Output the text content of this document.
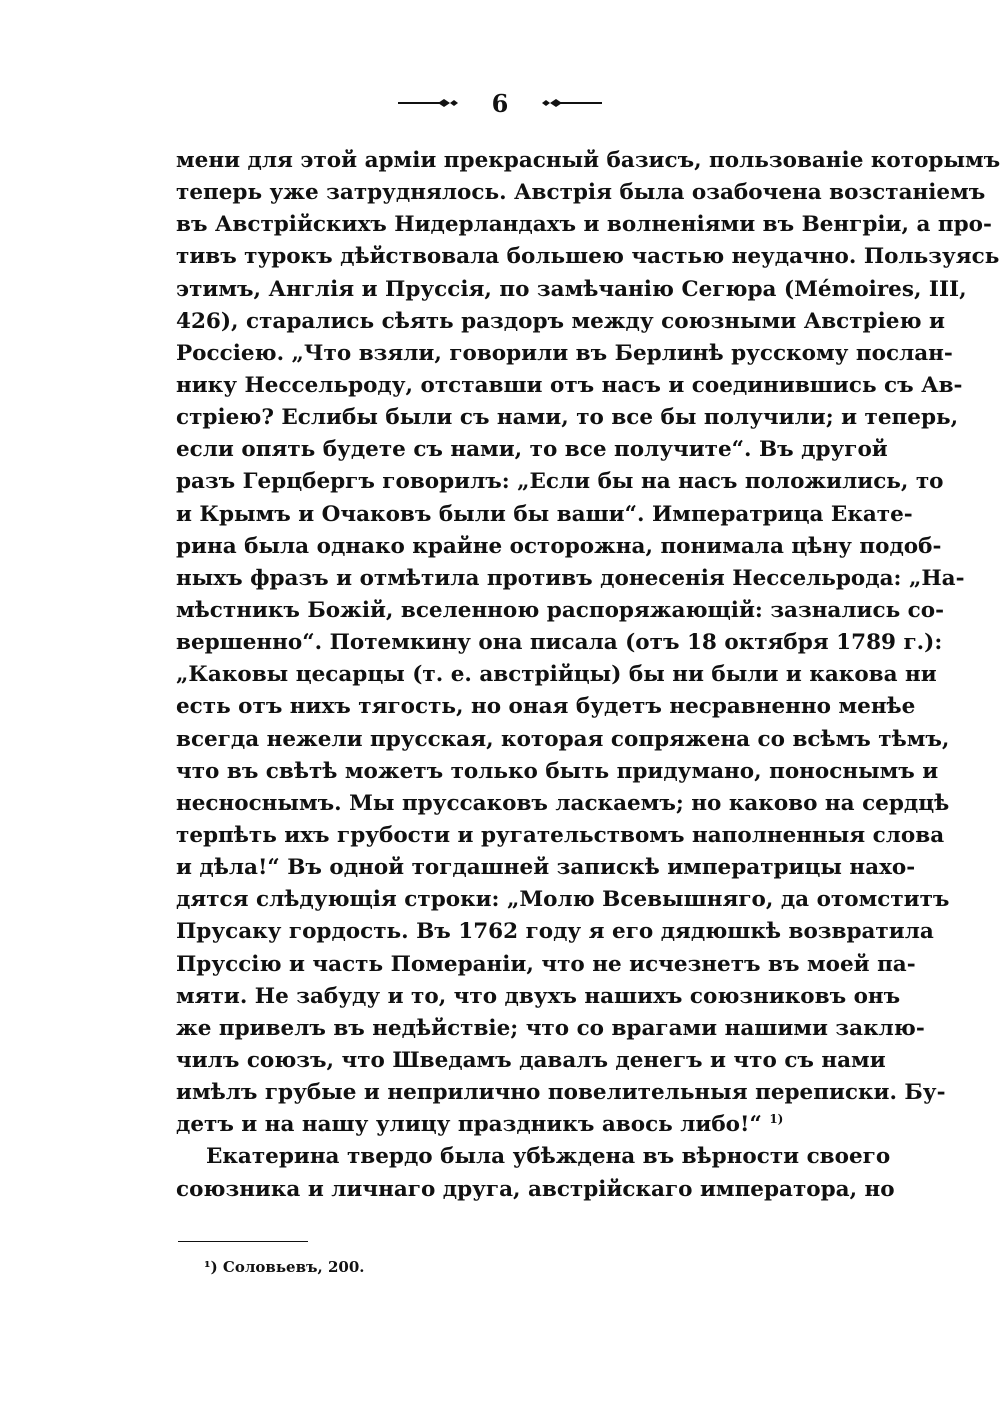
6
мени для этой арміи прекрасный базисъ, пользованіе которымъ
теперь уже затруднялось. Австрія была озабочена возстаніемъ
въ Австрійскихъ Нидерландахъ и волненіями въ Венгріи, а про-
тивъ турокъ дѣйствовала большею частью неудачно. Пользуясь
этимъ, Англія и Пруссія, по замѣчанію Сегюра (Mémoires, III,
426), старались сѣять раздоръ между союзными Австріею и
Россіею. „Что взяли, говорили въ Берлинѣ русскому послан-
нику Нессельроду, отставши отъ насъ и соединившись съ Ав-
стріею? Еслибы были съ нами, то все бы получили; и теперь,
если опять будете съ нами, то все получите“. Въ другой
разъ Герцбергъ говорилъ: „Если бы на насъ положились, то
и Крымъ и Очаковъ были бы ваши“. Императрица Екате-
рина была однако крайне осторожна, понимала цѣну подоб-
ныхъ фразъ и отмѣтила противъ донесенія Нессельрода: „На-
мѣстникъ Божій, вселенною распоряжающій: зазнались со-
вершенно“. Потемкину она писала (отъ 18 октября 1789 г.):
„Каковы цесарцы (т. е. австрійцы) бы ни были и какова ни
есть отъ нихъ тягость, но оная будетъ несравненно менѣе
всегда нежели прусская, которая сопряжена со всѣмъ тѣмъ,
что въ свѣтѣ можетъ только быть придумано, поноснымъ и
несноснымъ. Мы пруссаковъ ласкаемъ; но каково на сердцѣ
терпѣть ихъ грубости и ругательствомъ наполненныя слова
и дѣла!“ Въ одной тогдашней запискѣ императрицы нахо-
дятся слѣдующія строки: „Молю Всевышняго, да отомститъ
Прусаку гордость. Въ 1762 году я его дядюшкѣ возвратила
Пруссію и часть Помераніи, что не исчезнетъ въ моей па-
мяти. Не забуду и то, что двухъ нашихъ союзниковъ онъ
же привелъ въ недѣйствіе; что со врагами нашими заклю-
чилъ союзъ, что Шведамъ давалъ денегъ и что съ нами
имѣлъ грубые и неприлично повелительныя переписки. Бу-
детъ и на нашу улицу праздникъ авось либо!“ $^{1)}$
Екатерина твердо была убѣждена въ вѣрности своего
союзника и личнаго друга, австрійскаго императора, но
¹) Соловьевъ, 200.
